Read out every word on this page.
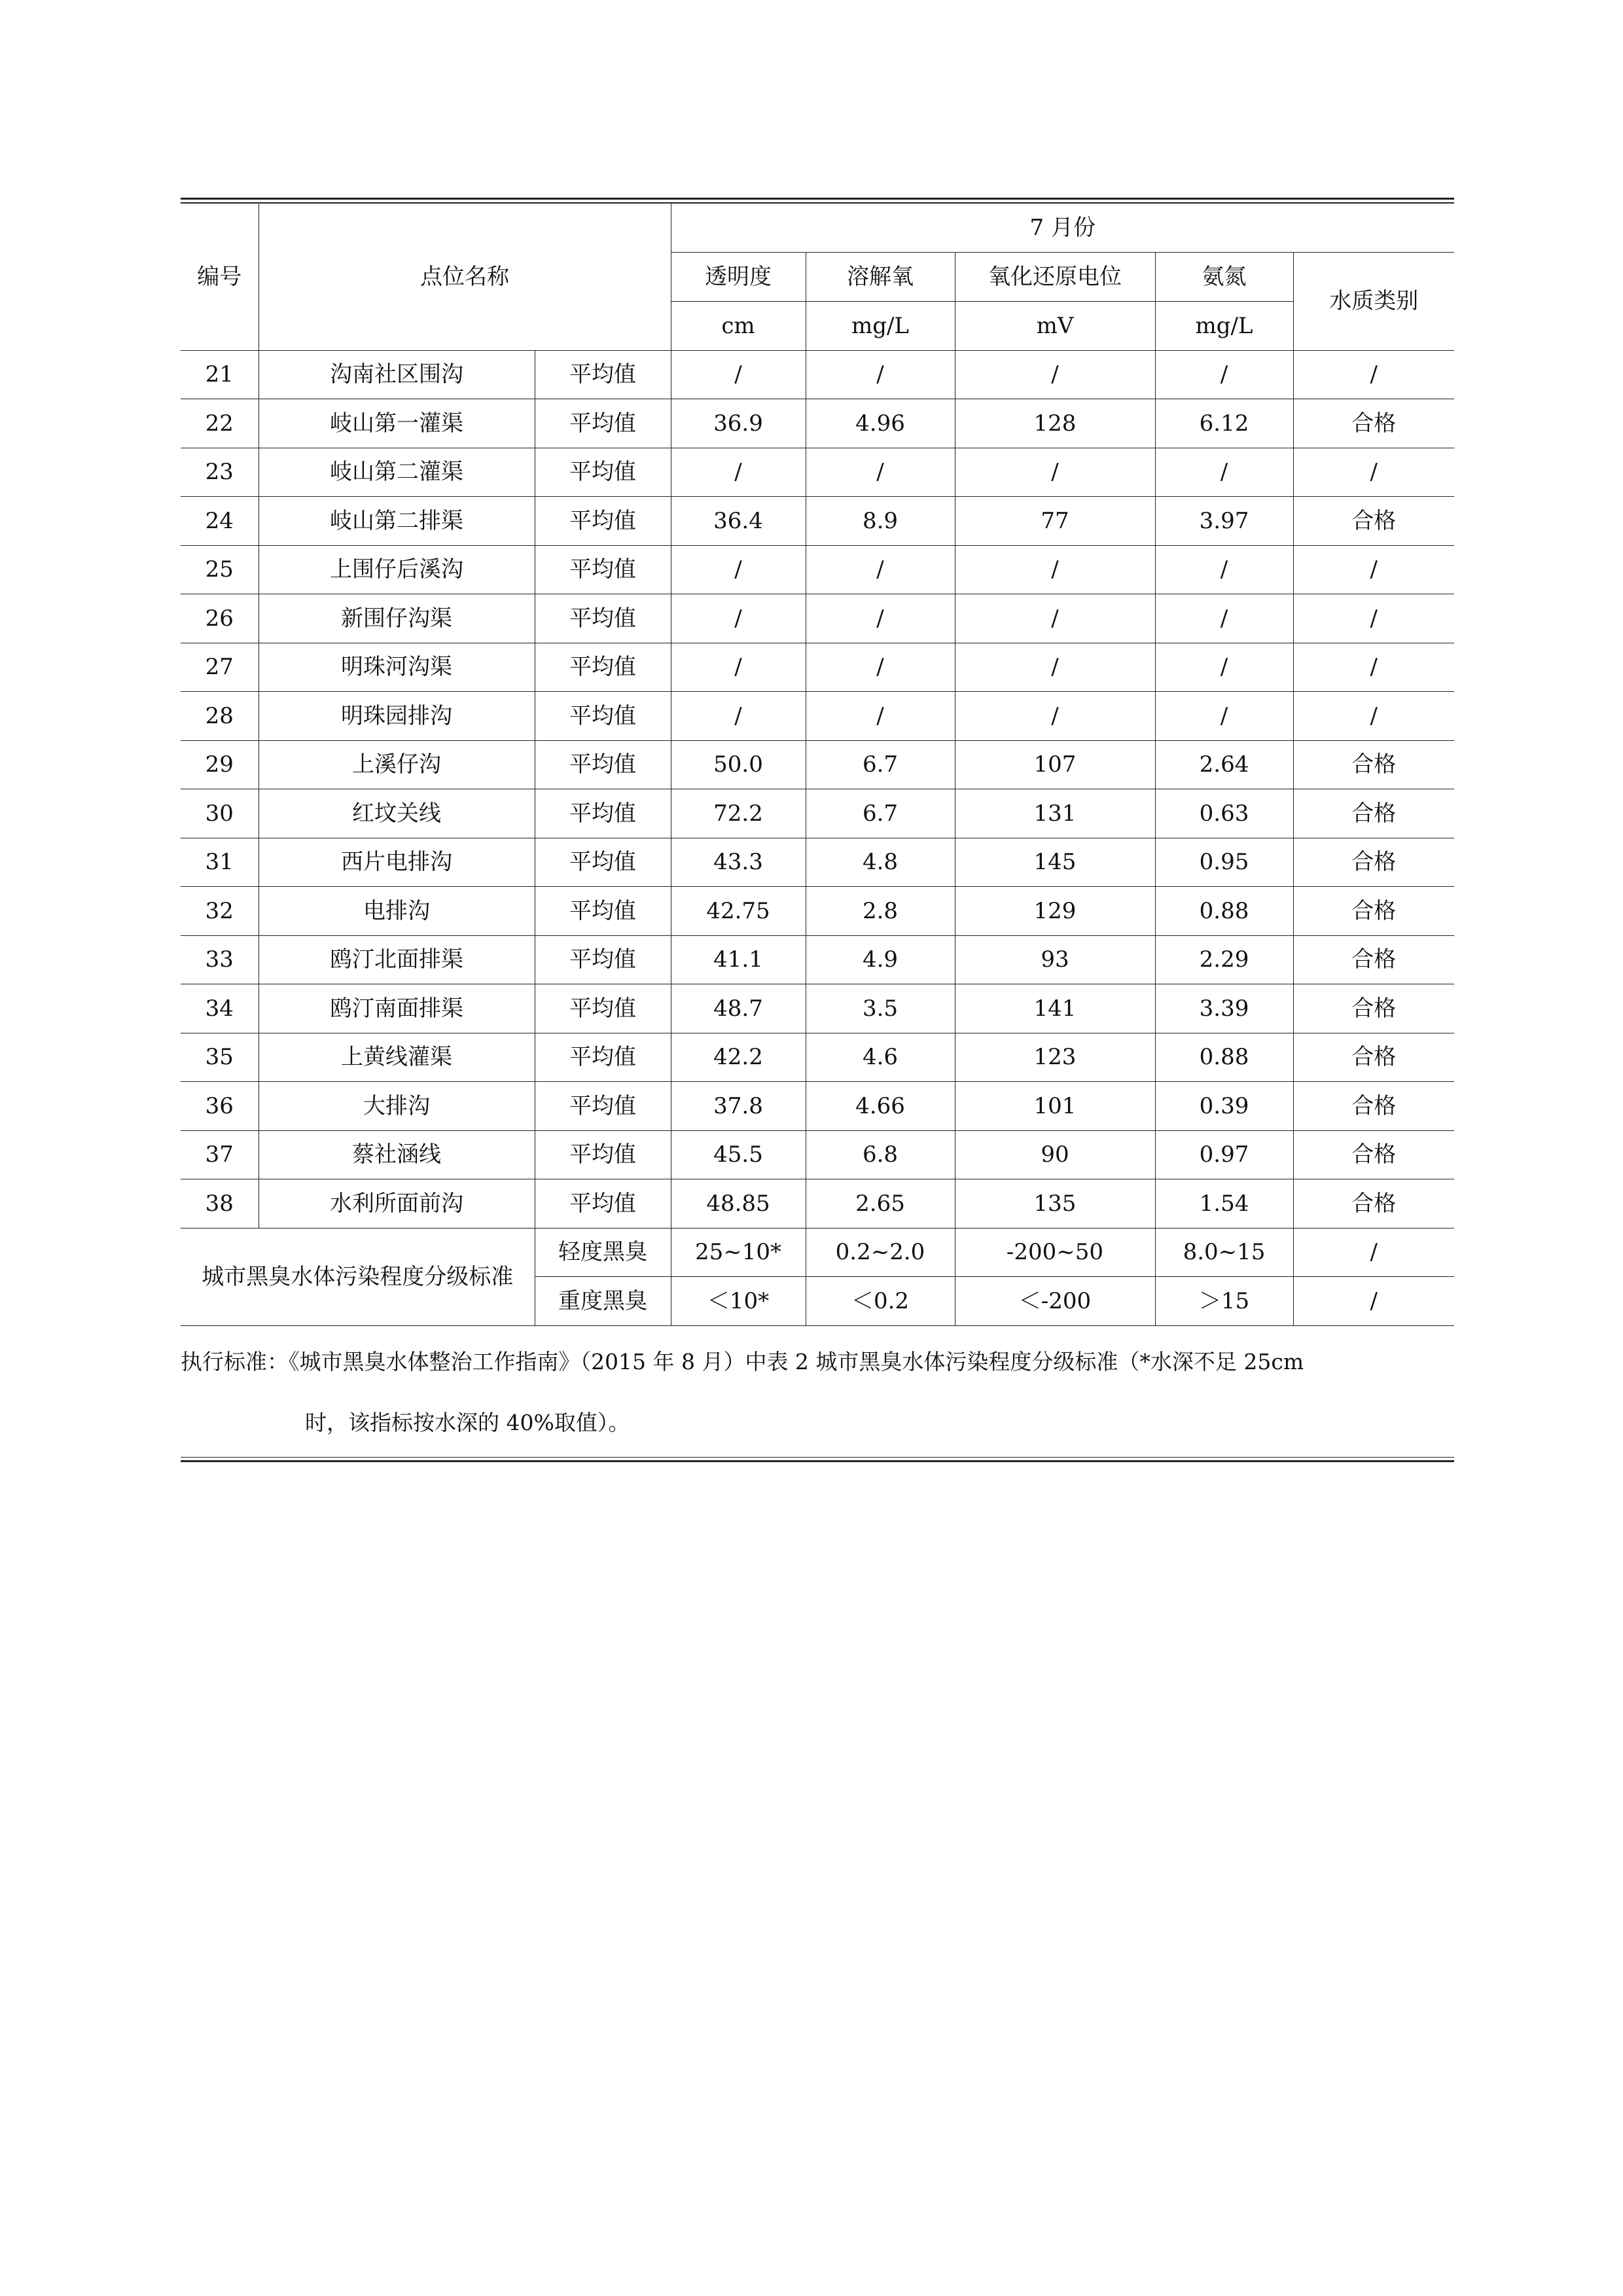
编号	点位名称		7 月份				
			透明度	溶解氧	氧化还原电位	氨氮	水质类别
			cm	mg/L	mV	mg/L	
21	沟南社区围沟	平均值	/	/	/	/	/
22	岐山第一灌渠	平均值	36.9	4.96	128	6.12	合格
23	岐山第二灌渠	平均值	/	/	/	/	/
24	岐山第二排渠	平均值	36.4	8.9	77	3.97	合格
25	上围仔后溪沟	平均值	/	/	/	/	/
26	新围仔沟渠	平均值	/	/	/	/	/
27	明珠河沟渠	平均值	/	/	/	/	/
28	明珠园排沟	平均值	/	/	/	/	/
29	上溪仔沟	平均值	50.0	6.7	107	2.64	合格
30	红坟关线	平均值	72.2	6.7	131	0.63	合格
31	西片电排沟	平均值	43.3	4.8	145	0.95	合格
32	电排沟	平均值	42.75	2.8	129	0.88	合格
33	鸥汀北面排渠	平均值	41.1	4.9	93	2.29	合格
34	鸥汀南面排渠	平均值	48.7	3.5	141	3.39	合格
35	上黄线灌渠	平均值	42.2	4.6	123	0.88	合格
36	大排沟	平均值	37.8	4.66	101	0.39	合格
37	蔡社涵线	平均值	45.5	6.8	90	0.97	合格
38	水利所面前沟	平均值	48.85	2.65	135	1.54	合格
城市黑臭水体污染程度分级标准		轻度黑臭	25~10*	0.2~2.0	-200~50	8.0~15	/
		重度黑臭	＜10*	＜0.2	＜-200	＞15	/
执行标准：《城市黑臭水体整治工作指南》（2015 年 8 月）中表 2 城市黑臭水体污染程度分级标准（*水深不足 25cm
时，该指标按水深的 40%取值）。
